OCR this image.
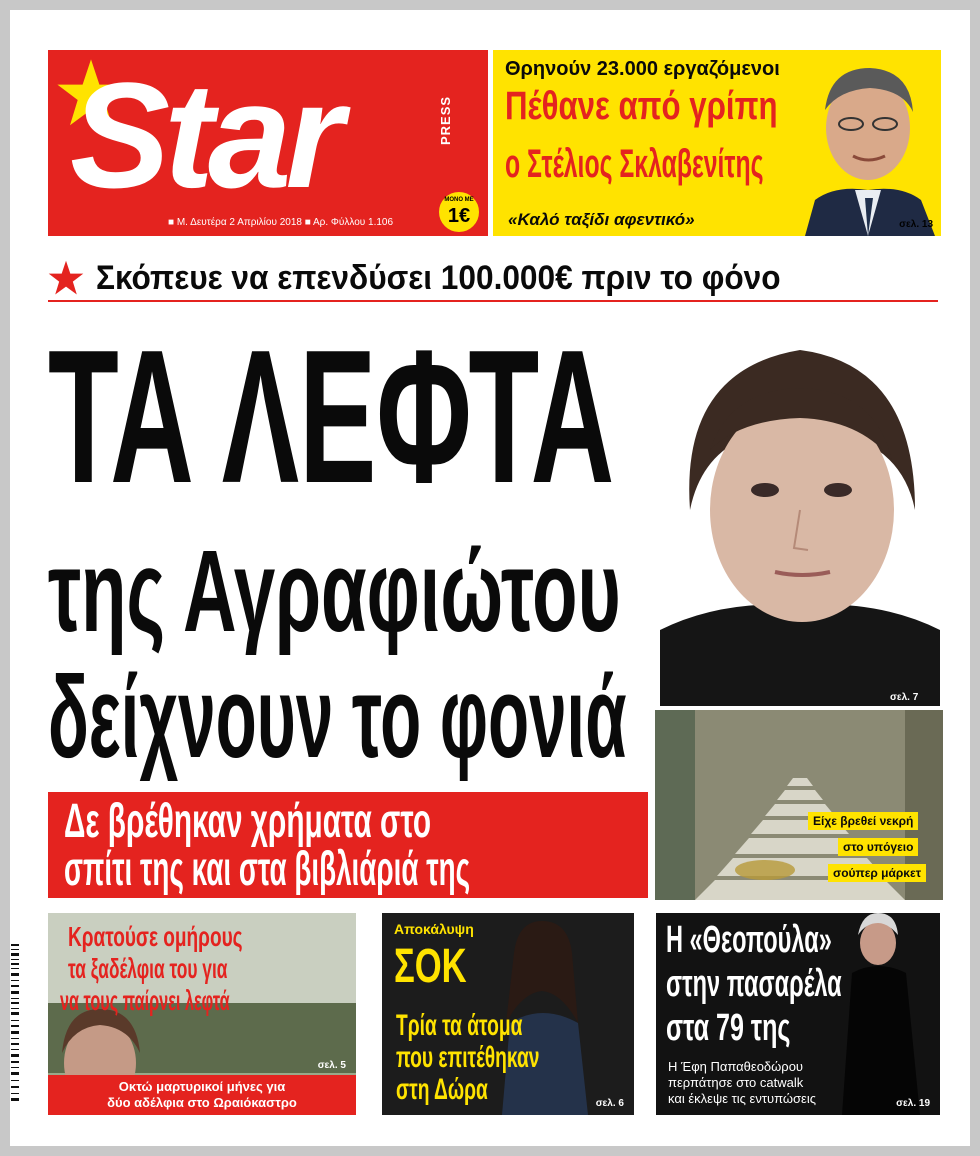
Star	PRESS
■ Μ. Δευτέρα 2 Απριλίου 2018 ■ Αρ. Φύλλου 1.106
ΜΟΝΟ ΜΕ
1€
Θρηνούν 23.000 εργαζόμενοι
Πέθανε από γρίπη
ο Στέλιος Σκλαβενίτης
«Καλό ταξίδι αφεντικό»	σελ. 13
Σκόπευε να επενδύσει 100.000€ πριν το φόνο
ΤΑ ΛΕΦΤΑ
της Αγραφιώτου
δείχνουν το φονιά	σελ. 7
Είχε βρεθεί νεκρή
στο υπόγειο
σούπερ μάρκετ
Δε βρέθηκαν χρήματα στο
σπίτι της και στα βιβλιάριά της
Κρατούσε ομήρους
τα ξαδέλφια του για
να τους παίρνει λεφτά
σελ. 5
Οκτώ μαρτυρικοί μήνες για
δύο αδέλφια στο Ωραιόκαστρο
Αποκάλυψη
ΣΟΚ
Τρία τα άτομα
που επιτέθηκαν
στη Δώρα	σελ. 6
Η «Θεοπούλα»
στην πασαρέλα
στα 79 της
Η Έφη Παπαθεοδώρου
περπάτησε στο catwalk
και έκλεψε τις εντυπώσεις	σελ. 19
